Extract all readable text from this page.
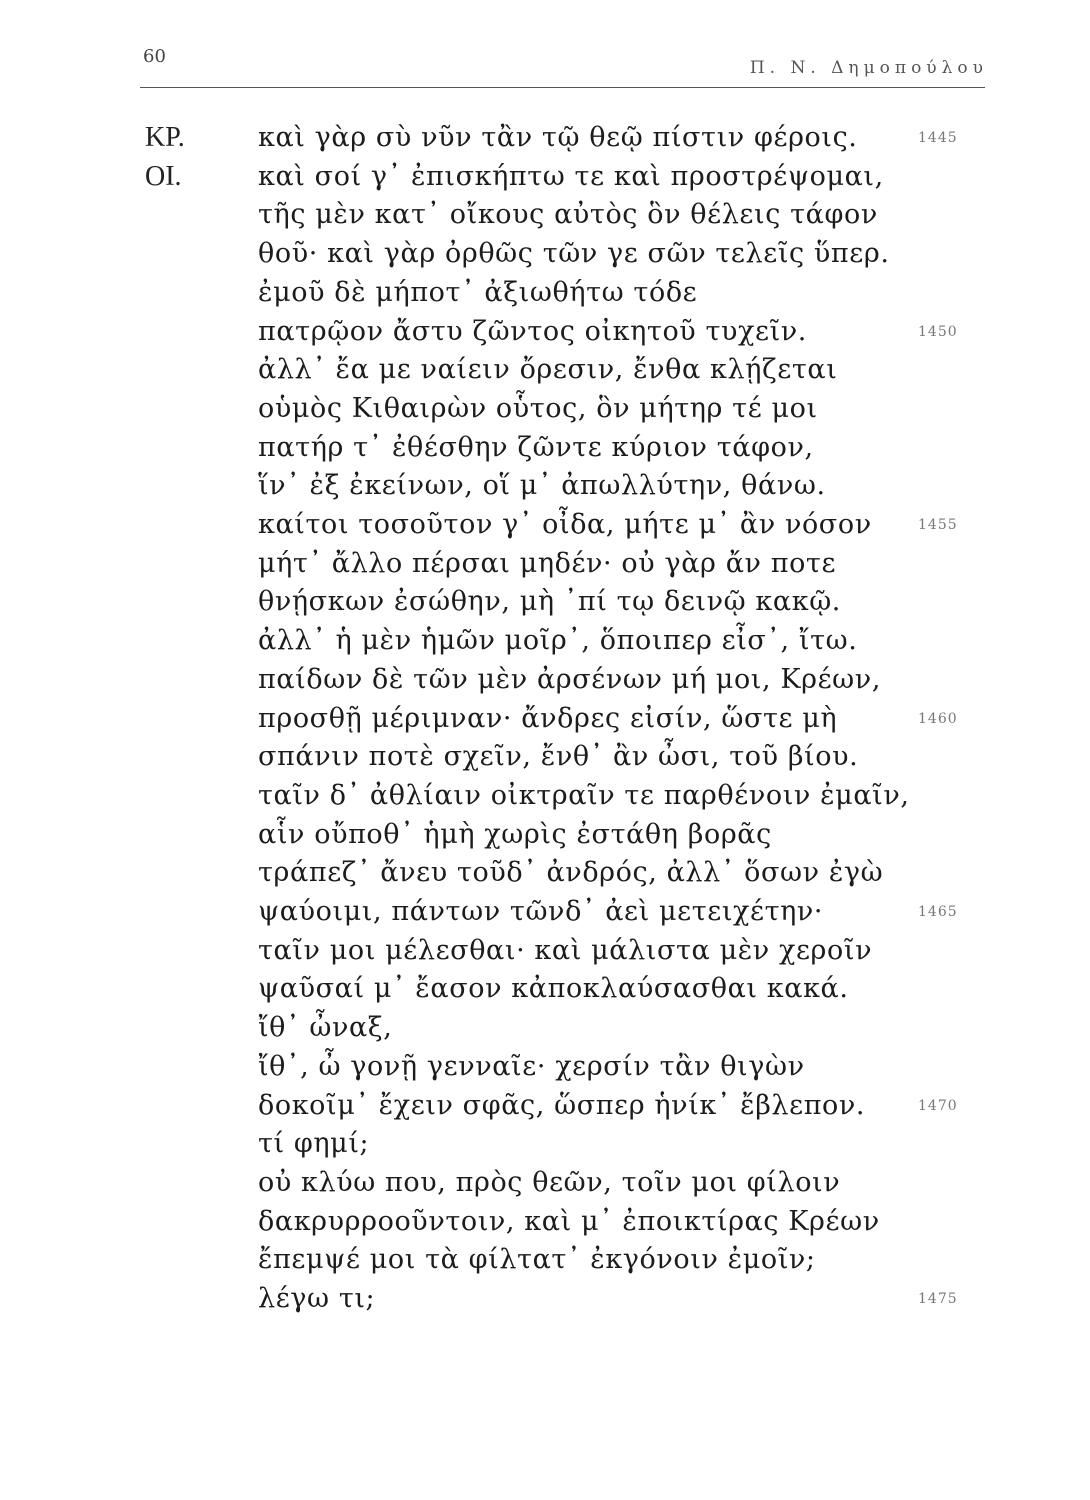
60
Π. Ν. Δημοπούλου
ΚΡ.	καὶ γὰρ σὺ νῦν τἂν τῷ θεῷ πίστιν φέροις.	1445
ΟΙ.	καὶ σοί γ᾽ ἐπισκήπτω τε καὶ προστρέψομαι,
τῆς μὲν κατ᾽ οἴκους αὐτὸς ὃν θέλεις τάφον
θοῦ· καὶ γὰρ ὀρθῶς τῶν γε σῶν τελεῖς ὕπερ.
ἐμοῦ δὲ μήποτ᾽ ἀξιωθήτω τόδε
πατρῷον ἄστυ ζῶντος οἰκητοῦ τυχεῖν.	1450
ἀλλ᾽ ἔα με ναίειν ὄρεσιν, ἔνθα κλῄζεται
οὑμὸς Κιθαιρὼν οὗτος, ὃν μήτηρ τέ μοι
πατήρ τ᾽ ἐθέσθην ζῶντε κύριον τάφον,
ἵν᾽ ἐξ ἐκείνων, οἵ μ᾽ ἀπωλλύτην, θάνω.
καίτοι τοσοῦτον γ᾽ οἶδα, μήτε μ᾽ ἂν νόσον	1455
μήτ᾽ ἄλλο πέρσαι μηδέν· οὐ γὰρ ἄν ποτε
θνῄσκων ἐσώθην, μὴ ᾽πί τῳ δεινῷ κακῷ.
ἀλλ᾽ ἡ μὲν ἡμῶν μοῖρ᾽, ὅποιπερ εἶσ᾽, ἴτω.
παίδων δὲ τῶν μὲν ἀρσένων μή μοι, Κρέων,
προσθῇ μέριμναν· ἄνδρες εἰσίν, ὥστε μὴ	1460
σπάνιν ποτὲ σχεῖν, ἔνθ᾽ ἂν ὦσι, τοῦ βίου.
ταῖν δ᾽ ἀθλίαιν οἰκτραῖν τε παρθένοιν ἐμαῖν,
αἷν οὔποθ᾽ ἡμὴ χωρὶς ἐστάθη βορᾶς
τράπεζ᾽ ἄνευ τοῦδ᾽ ἀνδρός, ἀλλ᾽ ὅσων ἐγὼ
ψαύοιμι, πάντων τῶνδ᾽ ἀεὶ μετειχέτην·	1465
ταῖν μοι μέλεσθαι· καὶ μάλιστα μὲν χεροῖν
ψαῦσαί μ᾽ ἔασον κἀποκλαύσασθαι κακά.
ἴθ᾽ ὦναξ,
ἴθ᾽, ὦ γονῇ γενναῖε· χερσίν τἂν θιγὼν
δοκοῖμ᾽ ἔχειν σφᾶς, ὥσπερ ἡνίκ᾽ ἔβλεπον.	1470
τί φημί;
οὐ κλύω που, πρὸς θεῶν, τοῖν μοι φίλοιν
δακρυρροοῦντοιν, καὶ μ᾽ ἐποικτίρας Κρέων
ἔπεμψέ μοι τὰ φίλτατ᾽ ἐκγόνοιν ἐμοῖν;
λέγω τι;	1475
